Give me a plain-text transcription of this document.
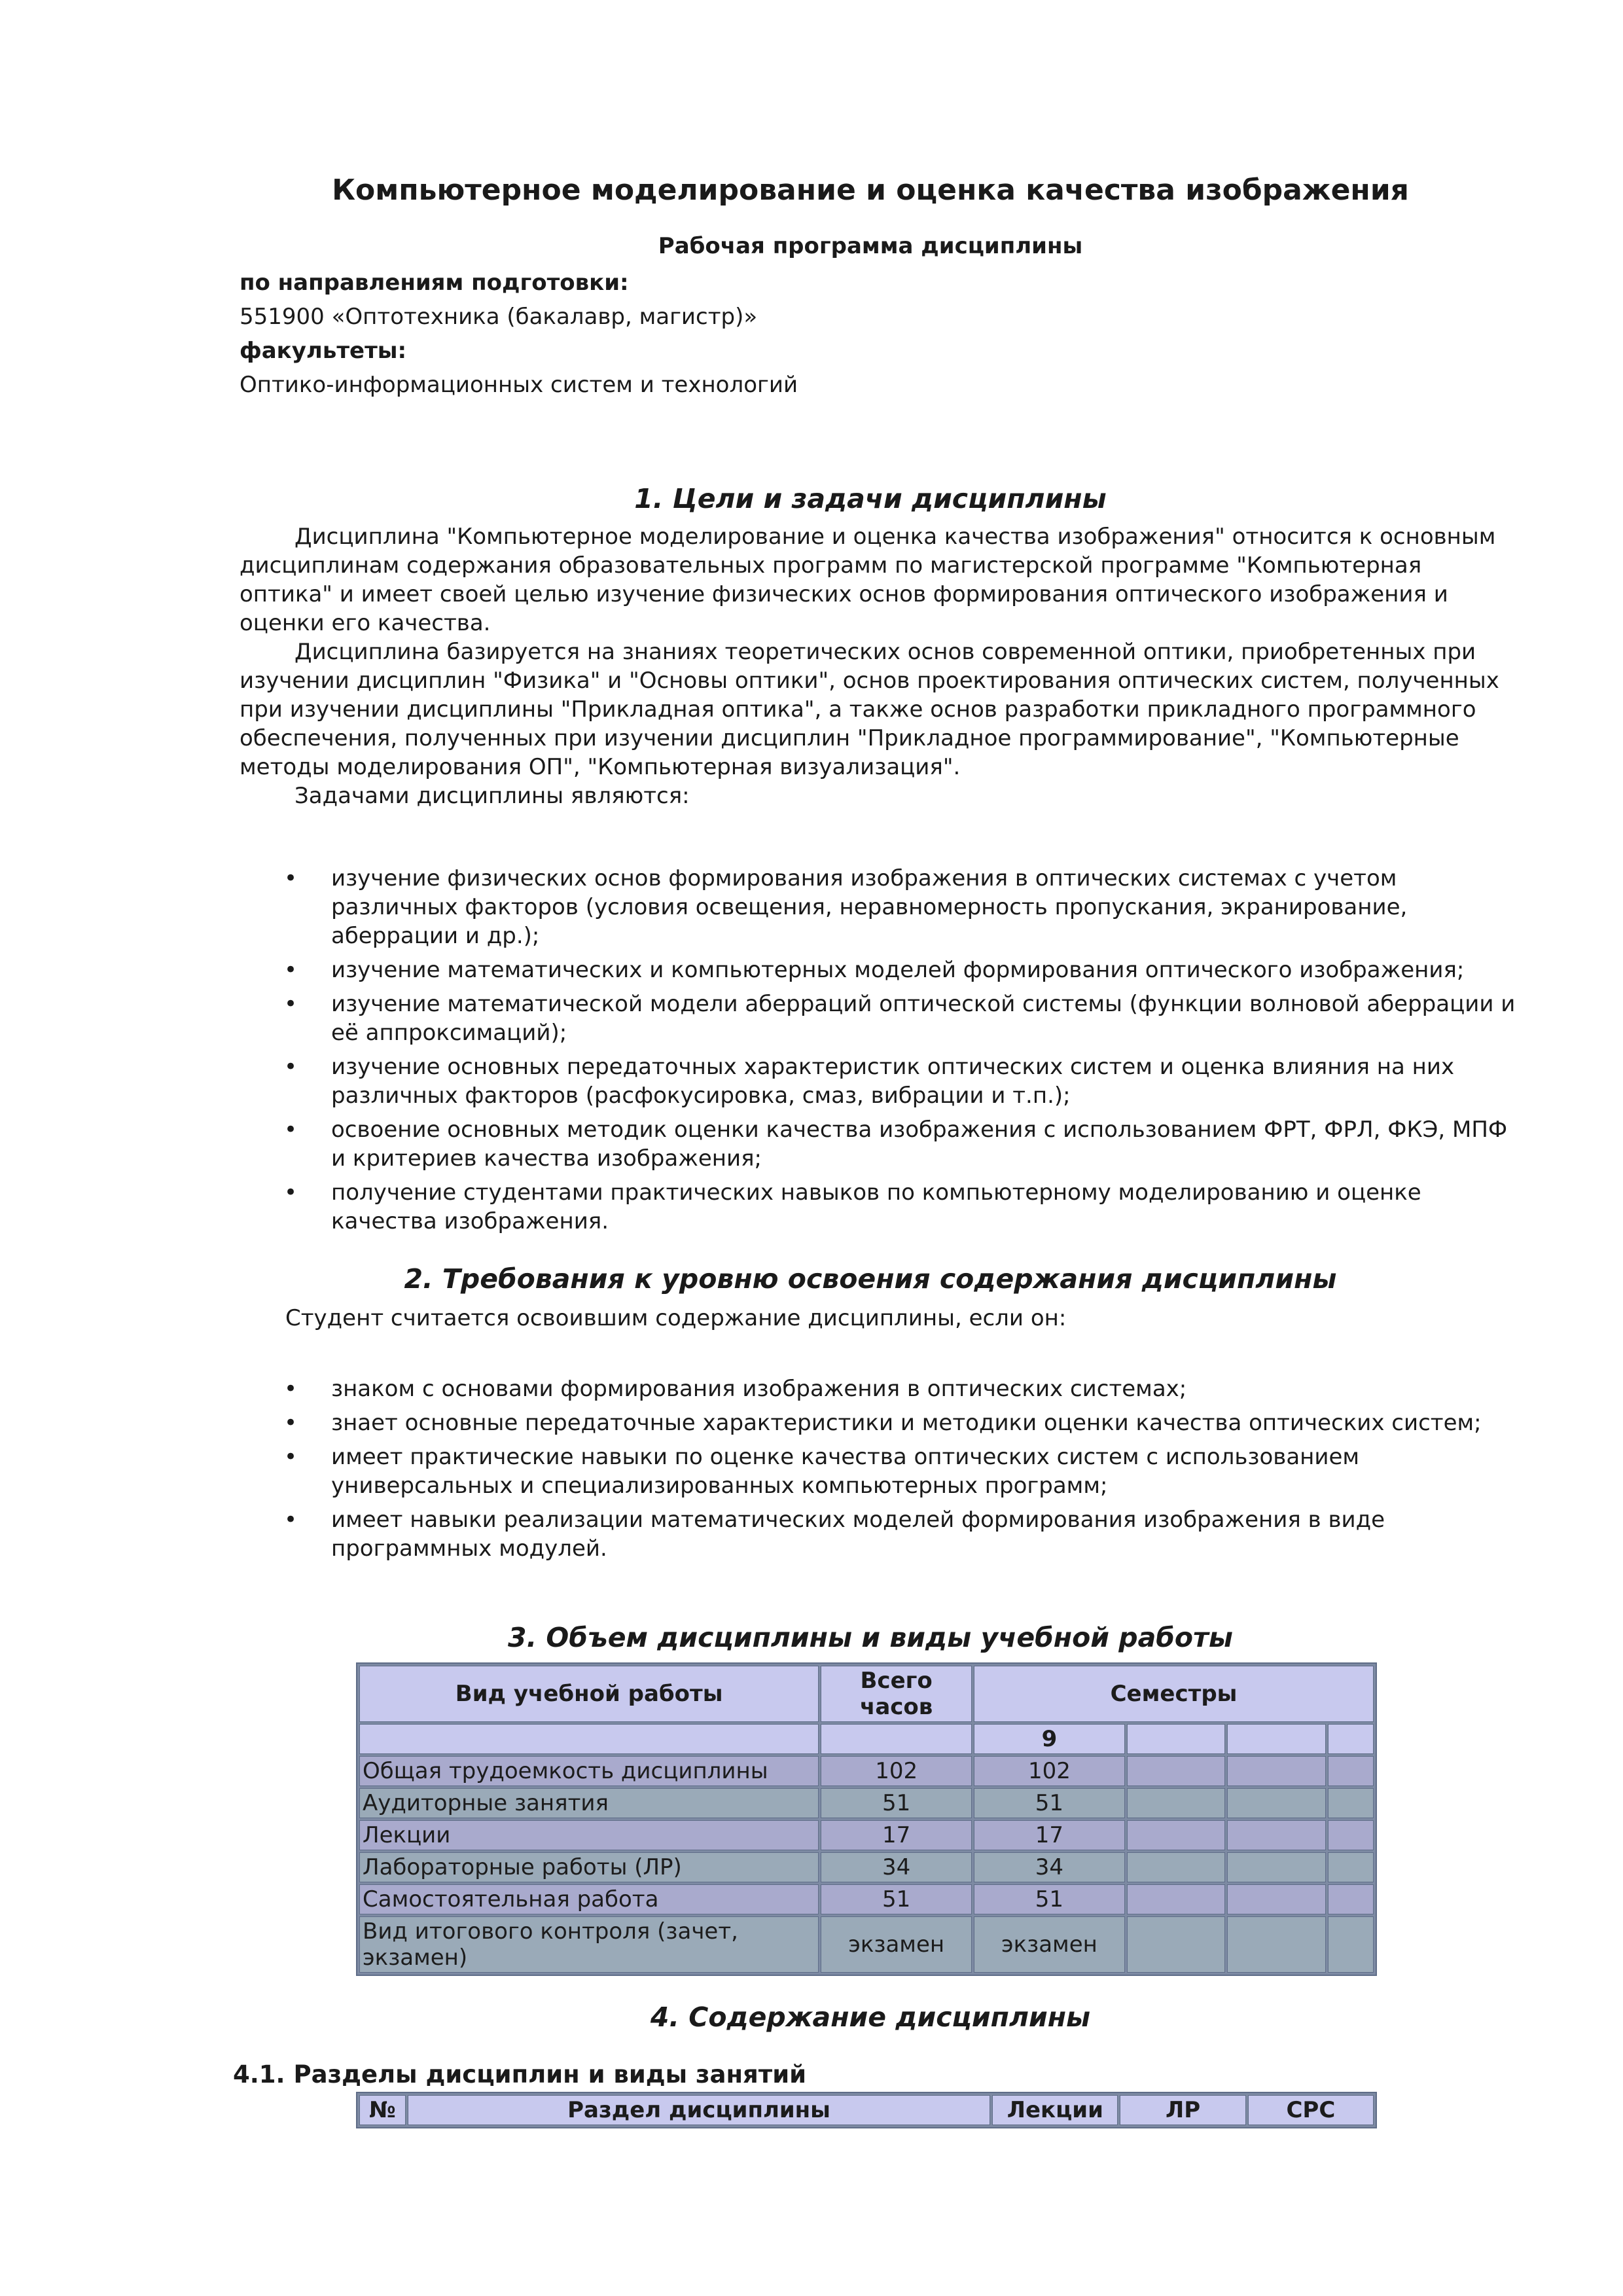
Компьютерное моделирование и оценка качества изображения
Рабочая программа дисциплины
по направлениям подготовки:
551900 «Оптотехника (бакалавр, магистр)»
факультеты:
Оптико-информационных систем и технологий
1. Цели и задачи дисциплины

Дисциплина "Компьютерное моделирование и оценка качества изображения" относится к основным дисциплинам содержания образовательных программ по магистерской программе "Компьютерная оптика" и имеет своей целью изучение физических основ формирования оптического изображения и оценки его качества.

Дисциплина базируется на знаниях теоретических основ современной оптики, приобретенных при изучении дисциплин "Физика" и "Основы оптики", основ проектирования оптических систем, полученных при изучении дисциплины "Прикладная оптика", а также основ разработки прикладного программного обеспечения, полученных при изучении дисциплин "Прикладное программирование", "Компьютерные методы моделирования ОП", "Компьютерная визуализация".

Задачами дисциплины являются:

• изучение физических основ формирования изображения в оптических системах с учетом различных факторов (условия освещения, неравномерность пропускания, экранирование, аберрации и др.);
• изучение математических и компьютерных моделей формирования оптического изображения;
• изучение математической модели аберраций оптической системы (функции волновой аберрации и её аппроксимаций);
• изучение основных передаточных характеристик оптических систем и оценка влияния на них различных факторов (расфокусировка, смаз, вибрации и т.п.);
• освоение основных методик оценки качества изображения с использованием ФРТ, ФРЛ, ФКЭ, МПФ и критериев качества изображения;
• получение студентами практических навыков по компьютерному моделированию и оценке качества изображения.
2. Требования к уровню освоения содержания дисциплины
Студент считается освоившим содержание дисциплины, если он:
• знаком с основами формирования изображения в оптических системах;
• знает основные передаточные характеристики и методики оценки качества оптических систем;
• имеет практические навыки по оценке качества оптических систем с использованием универсальных и специализированных компьютерных программ;
• имеет навыки реализации математических моделей формирования изображения в виде программных модулей.
3. Объем дисциплины и виды учебной работы
Вид учебной работы	Всего часов	Семестры			
		9			
Общая трудоемкость дисциплины	102	102			
Аудиторные занятия	51	51			
Лекции	17	17			
Лабораторные работы (ЛР)	34	34			
Самостоятельная работа	51	51			
Вид итогового контроля (зачет, экзамен)	экзамен	экзамен			
4. Содержание дисциплины
4.1. Разделы дисциплин и виды занятий
№	Раздел дисциплины	Лекции	ЛР	СРС
